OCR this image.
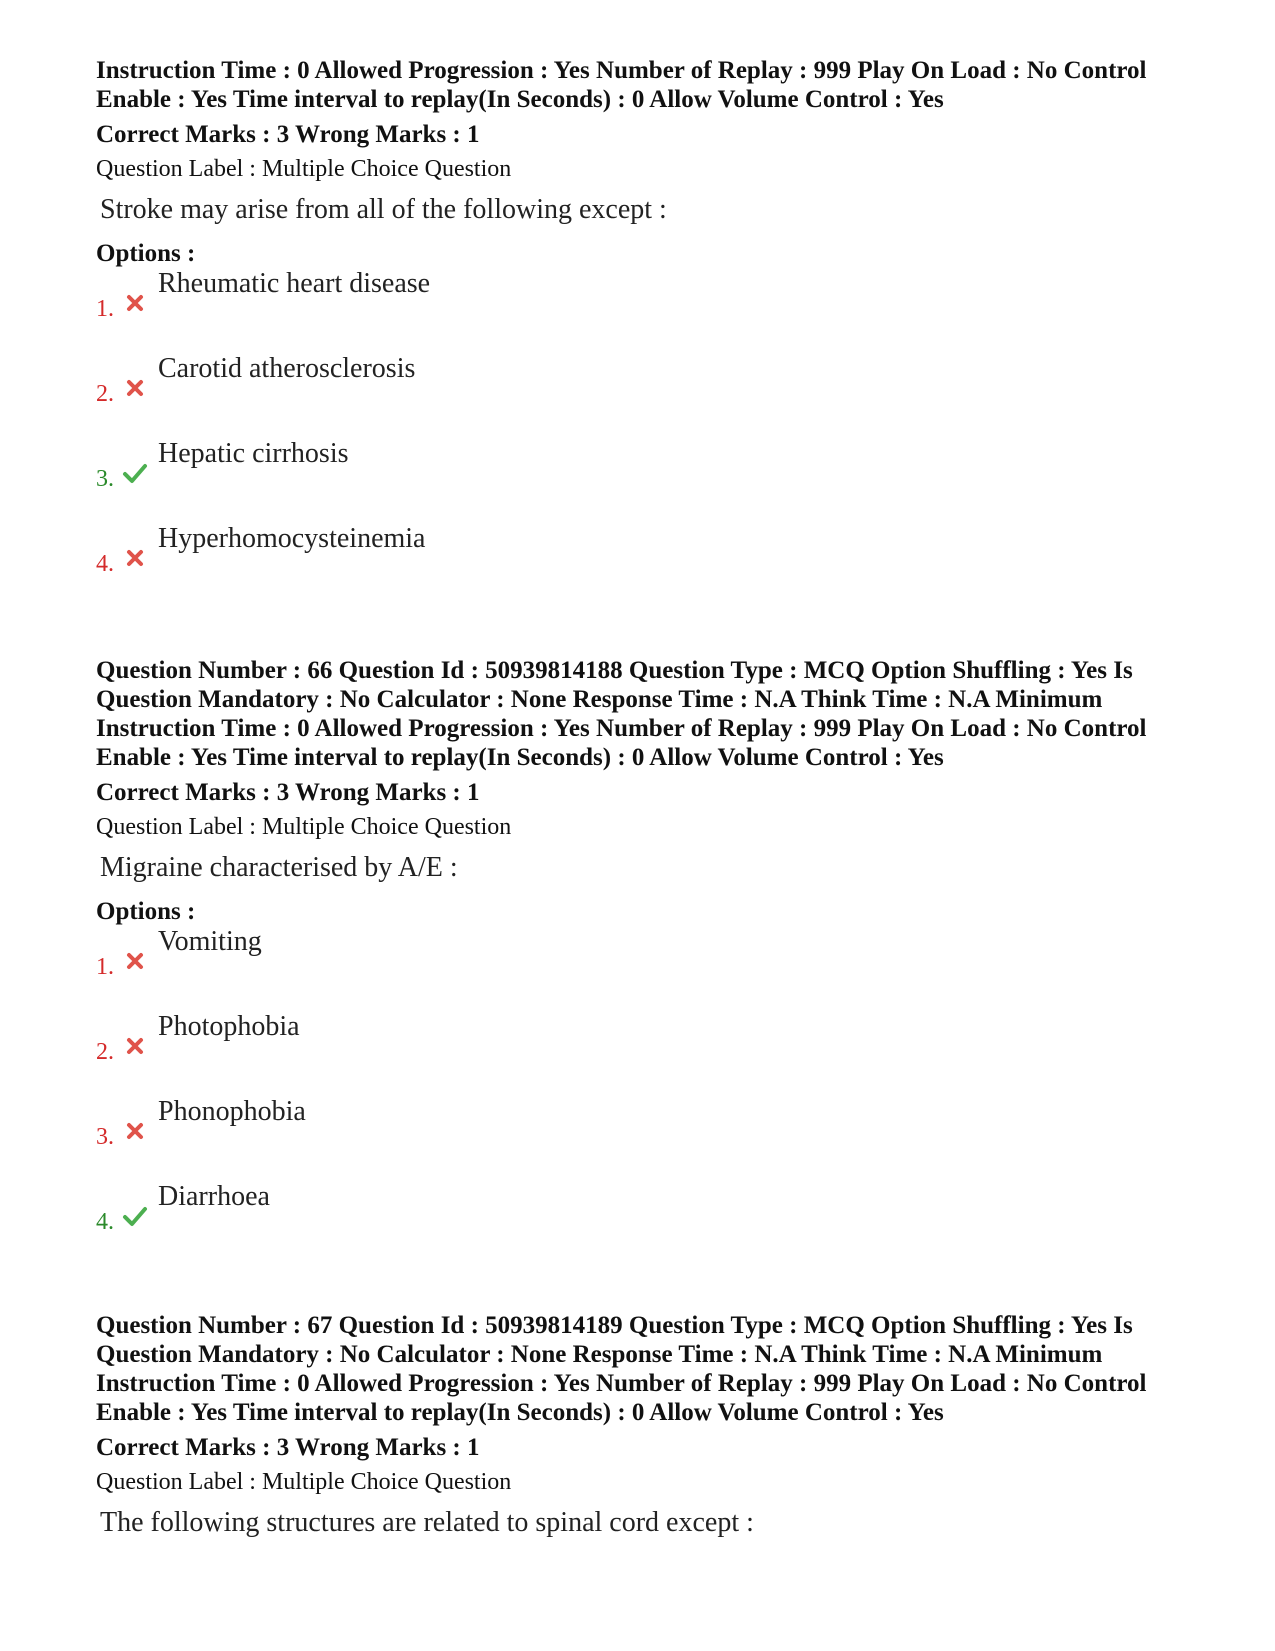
Instruction Time : 0 Allowed Progression : Yes Number of Replay : 999 Play On Load : No Control

Enable : Yes Time interval to replay(In Seconds) : 0 Allow Volume Control : Yes

Correct Marks : 3 Wrong Marks : 1
Question Label : Multiple Choice Question
Stroke may arise from all of the following except :
Options :
1.
Rheumatic heart disease
2.
Carotid atherosclerosis
3.
Hepatic cirrhosis
4.
Hyperhomocysteinemia

Question Number : 66 Question Id : 50939814188 Question Type : MCQ Option Shuffling : Yes Is

Question Mandatory : No Calculator : None Response Time : N.A Think Time : N.A Minimum

Instruction Time : 0 Allowed Progression : Yes Number of Replay : 999 Play On Load : No Control

Enable : Yes Time interval to replay(In Seconds) : 0 Allow Volume Control : Yes

Correct Marks : 3 Wrong Marks : 1
Question Label : Multiple Choice Question
Migraine characterised by A/E :
Options :
1.
Vomiting
2.
Photophobia
3.
Phonophobia
4.
Diarrhoea

Question Number : 67 Question Id : 50939814189 Question Type : MCQ Option Shuffling : Yes Is

Question Mandatory : No Calculator : None Response Time : N.A Think Time : N.A Minimum

Instruction Time : 0 Allowed Progression : Yes Number of Replay : 999 Play On Load : No Control

Enable : Yes Time interval to replay(In Seconds) : 0 Allow Volume Control : Yes

Correct Marks : 3 Wrong Marks : 1
Question Label : Multiple Choice Question
The following structures are related to spinal cord except :
